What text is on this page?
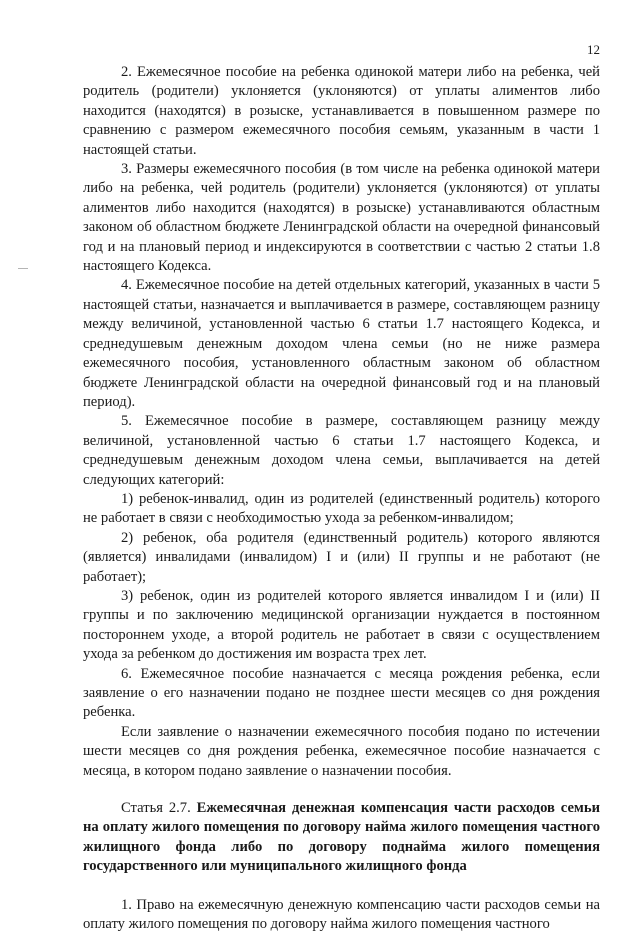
12

2. Ежемесячное пособие на ребенка одинокой матери либо на ребенка, чей родитель (родители) уклоняется (уклоняются) от уплаты алиментов либо находится (находятся) в розыске, устанавливается в повышенном размере по сравнению с размером ежемесячного пособия семьям, указанным в части 1 настоящей статьи.

3. Размеры ежемесячного пособия (в том числе на ребенка одинокой матери либо на ребенка, чей родитель (родители) уклоняется (уклоняются) от уплаты алиментов либо находится (находятся) в розыске) устанавливаются областным законом об областном бюджете Ленинградской области на очередной финансовый год и на плановый период и индексируются в соответствии с частью 2 статьи 1.8 настоящего Кодекса.

4. Ежемесячное пособие на детей отдельных категорий, указанных в части 5 настоящей статьи, назначается и выплачивается в размере, составляющем разницу между величиной, установленной частью 6 статьи 1.7 настоящего Кодекса, и среднедушевым денежным доходом члена семьи (но не ниже размера ежемесячного пособия, установленного областным законом об областном бюджете Ленинградской области на очередной финансовый год и на плановый период).

5. Ежемесячное пособие в размере, составляющем разницу между величиной, установленной частью 6 статьи 1.7 настоящего Кодекса, и среднедушевым денежным доходом члена семьи, выплачивается на детей следующих категорий:

1) ребенок-инвалид, один из родителей (единственный родитель) которого не работает в связи с необходимостью ухода за ребенком-инвалидом;

2) ребенок, оба родителя (единственный родитель) которого являются (является) инвалидами (инвалидом) I и (или) II группы и не работают (не работает);

3) ребенок, один из родителей которого является инвалидом I и (или) II группы и по заключению медицинской организации нуждается в постоянном постороннем уходе, а второй родитель не работает в связи с осуществлением ухода за ребенком до достижения им возраста трех лет.

6. Ежемесячное пособие назначается с месяца рождения ребенка, если заявление о его назначении подано не позднее шести месяцев со дня рождения ребенка.

Если заявление о назначении ежемесячного пособия подано по истечении шести месяцев со дня рождения ребенка, ежемесячное пособие назначается с месяца, в котором подано заявление о назначении пособия.

Статья 2.7. Ежемесячная денежная компенсация части расходов семьи на оплату жилого помещения по договору найма жилого помещения частного жилищного фонда либо по договору поднайма жилого помещения государственного или муниципального жилищного фонда

1. Право на ежемесячную денежную компенсацию части расходов семьи на оплату жилого помещения по договору найма жилого помещения частного
